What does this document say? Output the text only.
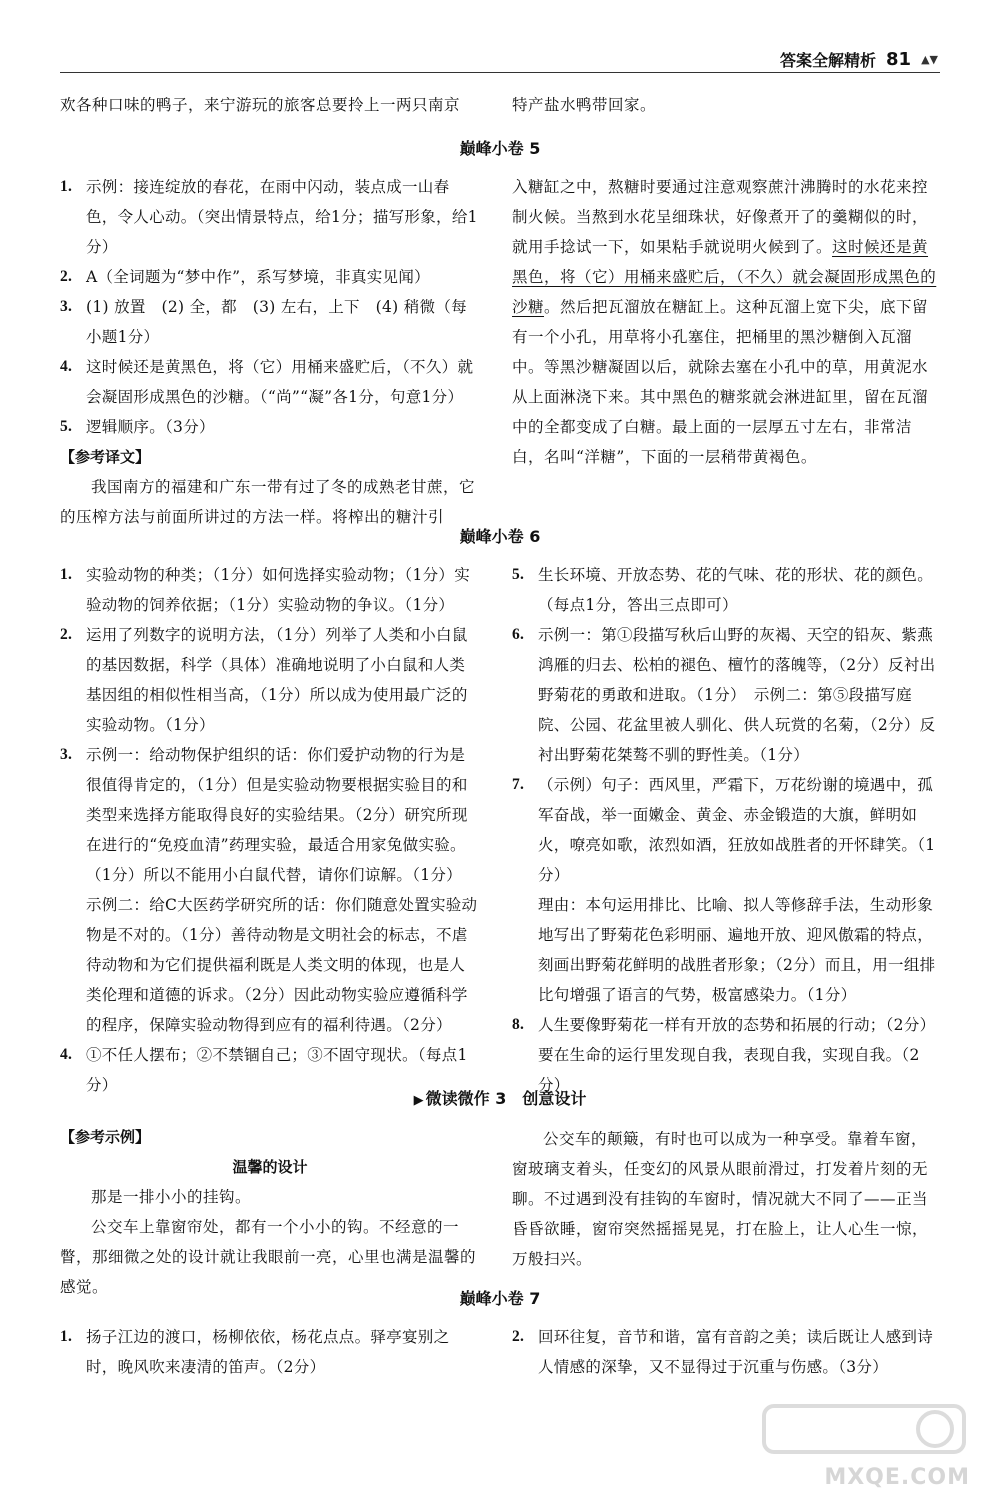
答案全解精析 81 ▲▼
欢各种口味的鸭子，来宁游玩的旅客总要拎上一两只南京	特产盐水鸭带回家。
巅峰小卷 5
1. 示例：接连绽放的春花，在雨中闪动，装点成一山春色，令人心动。（突出情景特点，给1分；描写形象，给1分）
2. A（全词题为“梦中作”，系写梦境，非真实见闻）
3. (1) 放置　(2) 全，都　(3) 左右，上下　(4) 稍微（每小题1分）
4. 这时候还是黄黑色，将（它）用桶来盛贮后，（不久）就会凝固形成黑色的沙糖。（“尚”“凝”各1分，句意1分）
5. 逻辑顺序。（3分）
【参考译文】
我国南方的福建和广东一带有过了冬的成熟老甘蔗，它的压榨方法与前面所讲过的方法一样。将榨出的糖汁引
入糖缸之中，熬糖时要通过注意观察蔗汁沸腾时的水花来控制火候。当熬到水花呈细珠状，好像煮开了的羹糊似的时，就用手捻试一下，如果粘手就说明火候到了。这时候还是黄黑色，将（它）用桶来盛贮后，（不久）就会凝固形成黑色的沙糖。然后把瓦溜放在糖缸上。这种瓦溜上宽下尖，底下留有一个小孔，用草将小孔塞住，把桶里的黑沙糖倒入瓦溜中。等黑沙糖凝固以后，就除去塞在小孔中的草，用黄泥水从上面淋浇下来。其中黑色的糖浆就会淋进缸里，留在瓦溜中的全都变成了白糖。最上面的一层厚五寸左右，非常洁白，名叫“洋糖”，下面的一层稍带黄褐色。
巅峰小卷 6
1. 实验动物的种类；（1分）如何选择实验动物；（1分）实验动物的饲养依据；（1分）实验动物的争议。（1分）
2. 运用了列数字的说明方法，（1分）列举了人类和小白鼠的基因数据，科学（具体）准确地说明了小白鼠和人类基因组的相似性相当高，（1分）所以成为使用最广泛的实验动物。（1分）
3. 示例一：给动物保护组织的话：你们爱护动物的行为是很值得肯定的，（1分）但是实验动物要根据实验目的和类型来选择方能取得良好的实验结果。（2分）研究所现在进行的“免疫血清”药理实验，最适合用家兔做实验。（1分）所以不能用小白鼠代替，请你们谅解。（1分）
示例二：给C大医药学研究所的话：你们随意处置实验动物是不对的。（1分）善待动物是文明社会的标志，不虐待动物和为它们提供福利既是人类文明的体现，也是人类伦理和道德的诉求。（2分）因此动物实验应遵循科学的程序，保障实验动物得到应有的福利待遇。（2分）
4. ①不任人摆布；②不禁锢自己；③不固守现状。（每点1分）
5. 生长环境、开放态势、花的气味、花的形状、花的颜色。（每点1分，答出三点即可）
6. 示例一：第①段描写秋后山野的灰褐、天空的铅灰、紫燕鸿雁的归去、松柏的褪色、檀竹的落魄等，（2分）反衬出野菊花的勇敢和进取。（1分）　示例二：第⑤段描写庭院、公园、花盆里被人驯化、供人玩赏的名菊，（2分）反衬出野菊花桀骜不驯的野性美。（1分）
7. （示例）句子：西风里，严霜下，万花纷谢的境遇中，孤军奋战，举一面嫩金、黄金、赤金锻造的大旗，鲜明如火，嘹亮如歌，浓烈如酒，狂放如战胜者的开怀肆笑。（1分）
理由：本句运用排比、比喻、拟人等修辞手法，生动形象地写出了野菊花色彩明丽、遍地开放、迎风傲霜的特点，刻画出野菊花鲜明的战胜者形象；（2分）而且，用一组排比句增强了语言的气势，极富感染力。（1分）
8. 人生要像野菊花一样有开放的态势和拓展的行动；（2分）要在生命的运行里发现自我，表现自我，实现自我。（2分）
▶ 微读微作 3　创意设计
【参考示例】
温馨的设计
那是一排小小的挂钩。
公交车上靠窗帘处，都有一个小小的钩。不经意的一瞥，那细微之处的设计就让我眼前一亮，心里也满是温馨的感觉。
公交车的颠簸，有时也可以成为一种享受。靠着车窗，窗玻璃支着头，任变幻的风景从眼前滑过，打发着片刻的无聊。不过遇到没有挂钩的车窗时，情况就大不同了——正当昏昏欲睡，窗帘突然摇摇晃晃，打在脸上，让人心生一惊，万般扫兴。
巅峰小卷 7
1. 扬子江边的渡口，杨柳依依，杨花点点。驿亭宴别之时，晚风吹来凄清的笛声。（2分）
2. 回环往复，音节和谐，富有音韵之美；读后既让人感到诗人情感的深挚，又不显得过于沉重与伤感。（3分）
MXQE.COM
